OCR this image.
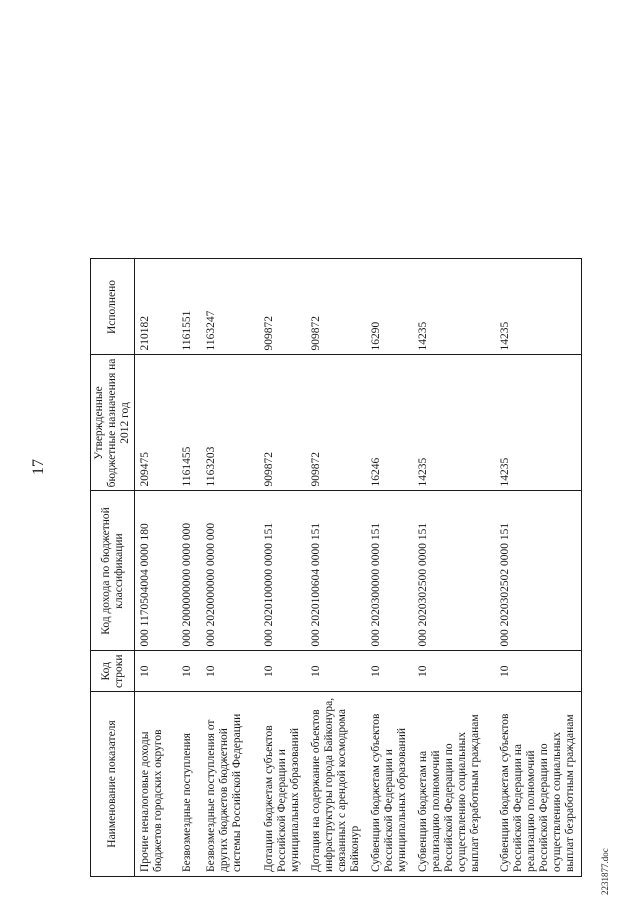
17
Наименование показателя	Код строки	Код дохода по бюджетной классификации	Утвержденные бюджетные назначения на 2012 год	Исполнено
Прочие неналоговые доходы бюджетов городских округов	10	000 1170504004 0000 180	209475	210182
Безвозмездные поступления	10	000 2000000000 0000 000	1161455	1161551
Безвозмездные поступления от других бюджетов бюджетной системы Российской Федерации	10	000 2020000000 0000 000	1163203	1163247
Дотации бюджетам субъектов Российской Федерации и муниципальных образований	10	000 2020100000 0000 151	909872	909872
Дотация на содержание объектов инфраструктуры города Байконура, связанных с арендой космодрома Байконур	10	000 2020100604 0000 151	909872	909872
Субвенции бюджетам субъектов Российской Федерации и муниципальных образований	10	000 2020300000 0000 151	16246	16290
Субвенции бюджетам на реализацию полномочий Российской Федерации по осуществлению социальных выплат безработным гражданам	10	000 2020302500 0000 151	14235	14235
Субвенции бюджетам субъектов Российской Федерации на реализацию полномочий Российской Федерации по осуществлению социальных выплат безработным гражданам	10	000 2020302502 0000 151	14235	14235
2231877.doc
